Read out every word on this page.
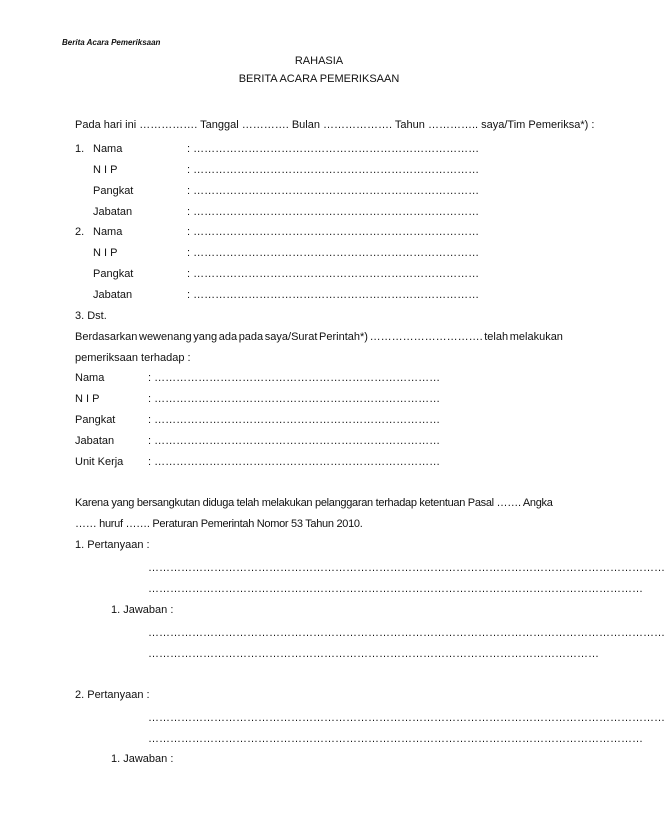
Berita Acara Pemeriksaan
RAHASIA
BERITA ACARA PEMERIKSAAN
Pada hari ini ……………. Tanggal …………. Bulan ………………. Tahun ………….. saya/Tim Pemeriksa*) :
1. Nama	: ……………………………………………………………………
N I P	: ……………………………………………………………………
Pangkat	: ……………………………………………………………………
Jabatan	: ……………………………………………………………………
2. Nama	: ……………………………………………………………………
N I P	: ……………………………………………………………………
Pangkat	: ……………………………………………………………………
Jabatan	: ……………………………………………………………………
3. Dst.
Berdasarkan wewenang yang ada pada saya/Surat Perintah*) …………………………. telah melakukan
pemeriksaan terhadap :
Nama	: ……………………………………………………………………
N I P	: ……………………………………………………………………
Pangkat	: ……………………………………………………………………
Jabatan	: ……………………………………………………………………
Unit Kerja : ……………………………………………………………………
Karena yang bersangkutan diduga telah melakukan pelanggaran terhadap ketentuan Pasal ……. Angka
…… huruf ……. Peraturan Pemerintah Nomor 53 Tahun 2010.
1. Pertanyaan :
……………………………………………………………………………………………………………………………
………………………………………………………………………………………………………………………
1. Jawaban :
……………………………………………………………………………………………………………………………
……………………………………………………………………………………………………………
2. Pertanyaan :
……………………………………………………………………………………………………………………………
………………………………………………………………………………………………………………………
1. Jawaban :
